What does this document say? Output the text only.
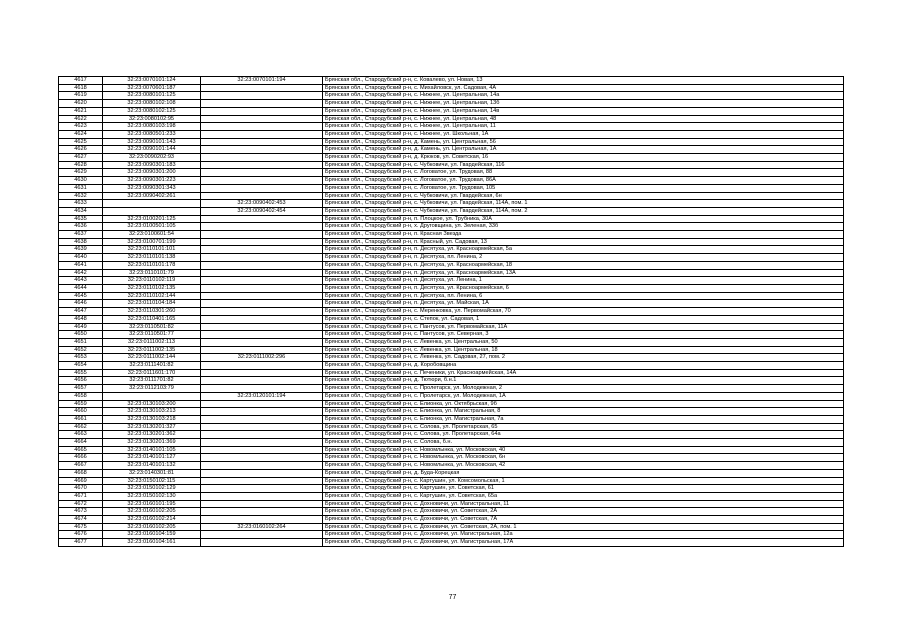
4617	32:23:0070101:124	32:23:0070101:194	Брянская обл., Стародубский р-н, с. Ковалево, ул. Новая, 13
4618	32:23:0070601:187		Брянская обл., Стародубский р-н, с. Михайловск, ул. Садовая, 4А
4619	32:23:0080101:125		Брянская обл., Стародубский р-н, с. Нижнее, ул. Центральная, 14а
4620	32:23:0080102:108		Брянская обл., Стародубский р-н, с. Нижнее, ул. Центральная, 13б
4621	32:23:0080102:125		Брянская обл., Стародубский р-н, с. Нижнее, ул. Центральная, 14в
4622	32:23:0080102:95		Брянская обл., Стародубский р-н, с. Нижнее, ул. Центральная, 48
4623	32:23:0080103:198		Брянская обл., Стародубский р-н, с. Нижнее, ул. Центральная, 11
4624	32:23:0080501:233		Брянская обл., Стародубский р-н, с. Нижнее, ул. Школьная, 1А
4625	32:23:0090101:143		Брянская обл., Стародубский р-н, д. Камень, ул. Центральная, 56
4626	32:23:0090101:144		Брянская обл., Стародубский р-н, д. Камень, ул. Центральная, 1А
4627	32:23:0090202:93		Брянская обл., Стародубский р-н, д. Крюков, ул. Советская, 16
4628	32:23:0090301:183		Брянская обл., Стародубский р-н, с. Чубковичи, ул. Гвардейская, 116
4629	32:23:0090301:200		Брянская обл., Стародубский р-н, с. Логоватое, ул. Трудовая, 88
4630	32:23:0090301:223		Брянская обл., Стародубский р-н, с. Логоватое, ул. Трудовая, 86А
4631	32:23:0090301:343		Брянская обл., Стародубский р-н, с. Логоватое, ул. Трудовая, 105
4632	32:23:0090402:261		Брянская обл., Стародубский р-н, с. Чубковичи, ул. Гвардейская, 6н
4633		32:23:0090402:453	Брянская обл., Стародубский р-н, с. Чубковичи, ул. Гвардейская, 114А, пом. 1
4634		32:23:0090402:454	Брянская обл., Стародубский р-н, с. Чубковичи, ул. Гвардейская, 114А, пом. 2
4635	32:23:0100201:125		Брянская обл., Стародубский р-н, п. Плоцкое, ул. Трубника, 30А
4636	32:23:0100501:105		Брянская обл., Стародубский р-н, х. Друговщина, ул. Зеленая, 33б
4637	32:23:0100601:54		Брянская обл., Стародубский р-н, п. Красная Звезда
4638	32:23:0100701:199		Брянская обл., Стародубский р-н, п. Красный, ул. Садовая, 13
4639	32:23:0110101:101		Брянская обл., Стародубский р-н, п. Десятуха, ул. Красноармейская, 5а
4640	32:23:0110101:138		Брянская обл., Стародубский р-н, п. Десятуха, пл. Ленина, 2
4641	32:23:0110101:178		Брянская обл., Стародубский р-н, п. Десятуха, ул. Красноармейская, 18
4642	32:23:0110101:79		Брянская обл., Стародубский р-н, п. Десятуха, ул. Красноармейская, 13А
4643	32:23:0110102:119		Брянская обл., Стародубский р-н, п. Десятуха, ул. Ленина, 1
4644	32:23:0110102:135		Брянская обл., Стародубский р-н, п. Десятуха, ул. Красноармейская, 6
4645	32:23:0110102:144		Брянская обл., Стародубский р-н, п. Десятуха, пл. Ленина, 6
4646	32:23:0110104:184		Брянская обл., Стародубский р-н, п. Десятуха, ул. Майская, 1А
4647	32:23:0110301:260		Брянская обл., Стародубский р-н, с. Меренковка, ул. Первомайская, 70
4648	32:23:0110401:165		Брянская обл., Стародубский р-н, с. Степок, ул. Садовая, 1
4649	32:23:0110501:82		Брянская обл., Стародубский р-н, с. Пантусов, ул. Первомайская, 11А
4650	32:23:0110501:77		Брянская обл., Стародубский р-н, с. Пантусов, ул. Северная, 3
4651	32:23:0111002:113		Брянская обл., Стародубский р-н, с. Левенка, ул. Центральная, 50
4652	32:23:0111002:135		Брянская обл., Стародубский р-н, с. Левенка, ул. Центральная, 18
4653	32:23:0111002:144	32:23:0111002:296	Брянская обл., Стародубский р-н, с. Левенка, ул. Садовая, 27, пом. 2
4654	32:23:0111401:82		Брянская обл., Стародубский р-н, д. Коробовщина
4655	32:23:0111601:170		Брянская обл., Стародубский р-н, с. Печеники, ул. Красноармейская, 14А
4656	32:23:0111701:82		Брянская обл., Стародубский р-н, д. Тютюри, б.н.1
4657	32:23:0112103:79		Брянская обл., Стародубский р-н, с. Пролетарск, ул. Молодежная, 2
4658		32:23:0120101:194	Брянская обл., Стародубский р-н, с. Пролетарск, ул. Молодежная, 1А
4659	32:23:0130103:200		Брянская обл., Стародубский р-н, с. Елионка, ул. Октябрьская, 9б
4660	32:23:0130103:213		Брянская обл., Стародубский р-н, с. Елионка, ул. Магистральная, 8
4661	32:23:0130103:218		Брянская обл., Стародубский р-н, с. Елионка, ул. Магистральная, 7а
4662	32:23:0130201:327		Брянская обл., Стародубский р-н, с. Солова, ул. Пролетарская, 65
4663	32:23:0130201:362		Брянская обл., Стародубский р-н, с. Солова, ул. Пролетарская, 64а
4664	32:23:0130201:369		Брянская обл., Стародубский р-н, с. Солова, б.н.
4665	32:23:0140101:105		Брянская обл., Стародубский р-н, с. Новомлынка, ул. Московская, 40
4666	32:23:0140101:127		Брянская обл., Стародубский р-н, с. Новомлынка, ул. Московская, 6н
4667	32:23:0140101:132		Брянская обл., Стародубский р-н, с. Новомлынка, ул. Московская, 42
4668	32:23:0140301:81		Брянская обл., Стародубский р-н, д. Буда-Корецкая
4669	32:23:0150102:115		Брянская обл., Стародубский р-н, с. Картушин, ул. Комсомольская, 1
4670	32:23:0150102:129		Брянская обл., Стародубский р-н, с. Картушин, ул. Советская, 61
4671	32:23:0150102:130		Брянская обл., Стародубский р-н, с. Картушин, ул. Советская, 65а
4672	32:23:0160101:195		Брянская обл., Стародубский р-н, с. Дохновичи, ул. Магистральная, 11
4673	32:23:0160102:205		Брянская обл., Стародубский р-н, с. Дохновичи, ул. Советская, 2А
4674	32:23:0160102:214		Брянская обл., Стародубский р-н, с. Дохновичи, ул. Советская, 7А
4675	32:23:0160102:205	32:23:0160102:264	Брянская обл., Стародубский р-н, с. Дохновичи, ул. Советская, 2А, пом. 1
4676	32:23:0160104:159		Брянская обл., Стародубский р-н, с. Дохновичи, ул. Магистральная, 12а
4677	32:23:0160104:161		Брянская обл., Стародубский р-н, с. Дохновичи, ул. Магистральная, 17А
77
